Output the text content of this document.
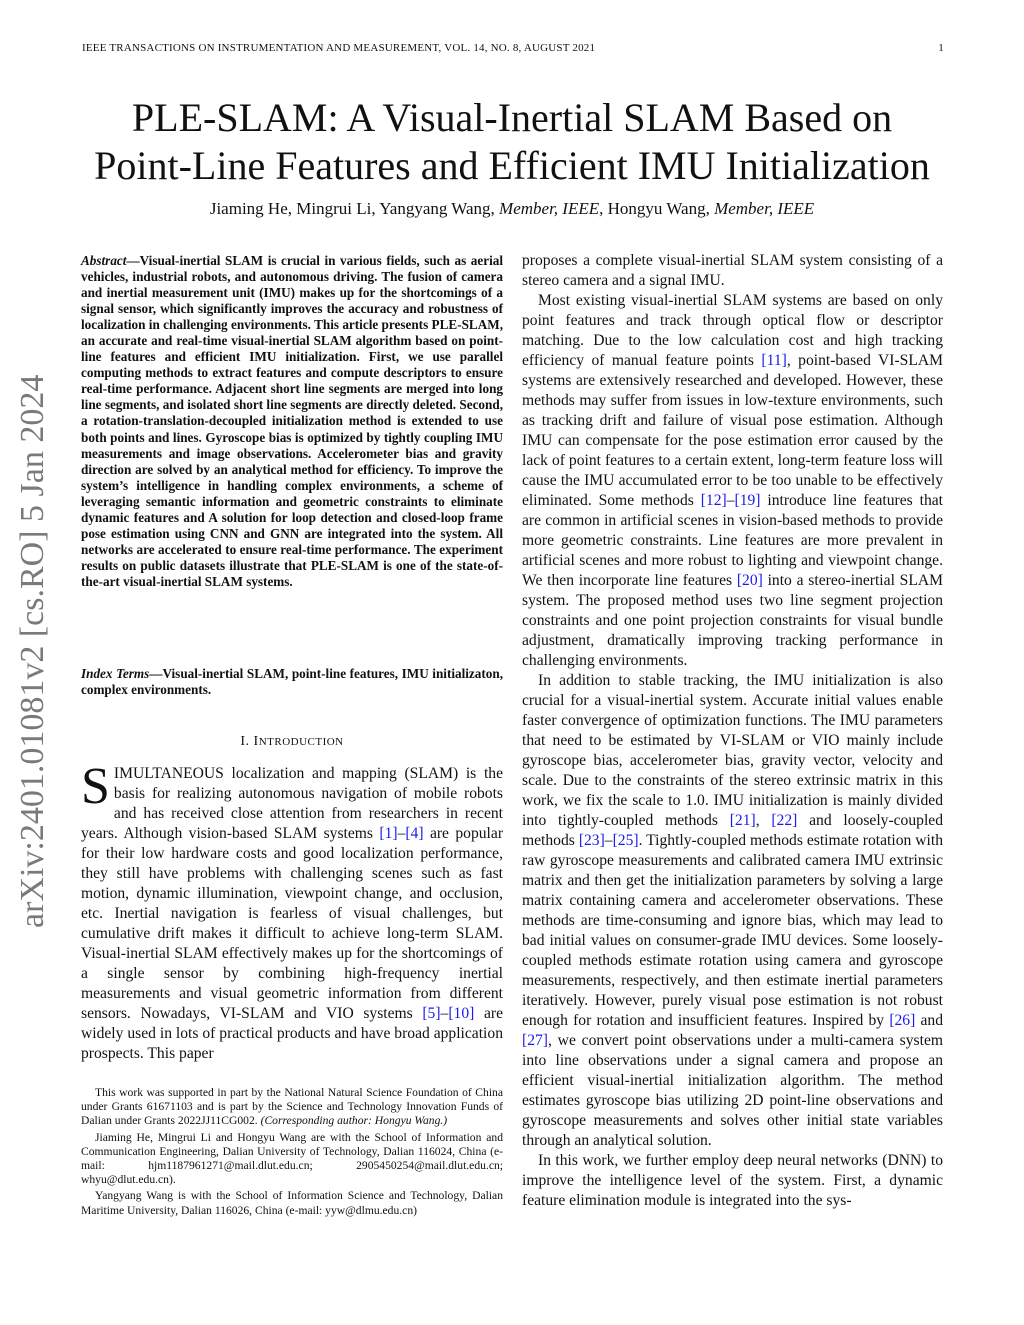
IEEE TRANSACTIONS ON INSTRUMENTATION AND MEASUREMENT, VOL. 14, NO. 8, AUGUST 2021	1
arXiv:2401.01081v2 [cs.RO] 5 Jan 2024
PLE-SLAM: A Visual-Inertial SLAM Based on
Point-Line Features and Efficient IMU Initialization
Jiaming He, Mingrui Li, Yangyang Wang, Member, IEEE, Hongyu Wang, Member, IEEE
Abstract—Visual-inertial SLAM is crucial in various fields, such as aerial vehicles, industrial robots, and autonomous driving. The fusion of camera and inertial measurement unit (IMU) makes up for the shortcomings of a signal sensor, which significantly improves the accuracy and robustness of localization in challenging environments. This article presents PLE-SLAM, an accurate and real-time visual-inertial SLAM algorithm based on point-line features and efficient IMU initialization. First, we use parallel computing methods to extract features and compute descriptors to ensure real-time performance. Adjacent short line segments are merged into long line segments, and isolated short line segments are directly deleted. Second, a rotation-translation-decoupled initialization method is extended to use both points and lines. Gyroscope bias is optimized by tightly coupling IMU measurements and image observations. Accelerometer bias and gravity direction are solved by an analytical method for efficiency. To improve the system’s intelligence in handling complex environments, a scheme of leveraging semantic information and geometric constraints to eliminate dynamic features and A solution for loop detection and closed-loop frame pose estimation using CNN and GNN are integrated into the system. All networks are accelerated to ensure real-time performance. The experiment results on public datasets illustrate that PLE-SLAM is one of the state-of-the-art visual-inertial SLAM systems.
Index Terms—Visual-inertial SLAM, point-line features, IMU initializaton, complex environments.
I. INTRODUCTION

SIMULTANEOUS localization and mapping (SLAM) is the basis for realizing autonomous navigation of mobile robots and has received close attention from researchers in recent years. Although vision-based SLAM systems [1]–[4] are popular for their low hardware costs and good localization performance, they still have problems with challenging scenes such as fast motion, dynamic illumination, viewpoint change, and occlusion, etc. Inertial navigation is fearless of visual challenges, but cumulative drift makes it difficult to achieve long-term SLAM. Visual-inertial SLAM effectively makes up for the shortcomings of a single sensor by combining high-frequency inertial measurements and visual geometric information from different sensors. Nowadays, VI-SLAM and VIO systems [5]–[10] are widely used in lots of practical products and have broad application prospects. This paper

This work was supported in part by the National Natural Science Foundation of China under Grants 61671103 and is part by the Science and Technology Innovation Funds of Dalian under Grants 2022JJ11CG002. (Corresponding author: Hongyu Wang.)

Jiaming He, Mingrui Li and Hongyu Wang are with the School of Information and Communication Engineering, Dalian University of Technology, Dalian 116024, China (e-mail: hjm1187961271@mail.dlut.edu.cn; 2905450254@mail.dlut.edu.cn; whyu@dlut.edu.cn).

Yangyang Wang is with the School of Information Science and Technology, Dalian Maritime University, Dalian 116026, China (e-mail: yyw@dlmu.edu.cn)

proposes a complete visual-inertial SLAM system consisting of a stereo camera and a signal IMU.

Most existing visual-inertial SLAM systems are based on only point features and track through optical flow or descriptor matching. Due to the low calculation cost and high tracking efficiency of manual feature points [11], point-based VI-SLAM systems are extensively researched and developed. However, these methods may suffer from issues in low-texture environments, such as tracking drift and failure of visual pose estimation. Although IMU can compensate for the pose estimation error caused by the lack of point features to a certain extent, long-term feature loss will cause the IMU accumulated error to be too unable to be effectively eliminated. Some methods [12]–[19] introduce line features that are common in artificial scenes in vision-based methods to provide more geometric constraints. Line features are more prevalent in artificial scenes and more robust to lighting and viewpoint change. We then incorporate line features [20] into a stereo-inertial SLAM system. The proposed method uses two line segment projection constraints and one point projection constraints for visual bundle adjustment, dramatically improving tracking performance in challenging environments.

In addition to stable tracking, the IMU initialization is also crucial for a visual-inertial system. Accurate initial values enable faster convergence of optimization functions. The IMU parameters that need to be estimated by VI-SLAM or VIO mainly include gyroscope bias, accelerometer bias, gravity vector, velocity and scale. Due to the constraints of the stereo extrinsic matrix in this work, we fix the scale to 1.0. IMU initialization is mainly divided into tightly-coupled methods [21], [22] and loosely-coupled methods [23]–[25]. Tightly-coupled methods estimate rotation with raw gyroscope measurements and calibrated camera IMU extrinsic matrix and then get the initialization parameters by solving a large matrix containing camera and accelerometer observations. These methods are time-consuming and ignore bias, which may lead to bad initial values on consumer-grade IMU devices. Some loosely-coupled methods estimate rotation using camera and gyroscope measurements, respectively, and then estimate inertial parameters iteratively. However, purely visual pose estimation is not robust enough for rotation and insufficient features. Inspired by [26] and [27], we convert point observations under a multi-camera system into line observations under a signal camera and propose an efficient visual-inertial initialization algorithm. The method estimates gyroscope bias utilizing 2D point-line observations and gyroscope measurements and solves other initial state variables through an analytical solution.

In this work, we further employ deep neural networks (DNN) to improve the intelligence level of the system. First, a dynamic feature elimination module is integrated into the sys-
